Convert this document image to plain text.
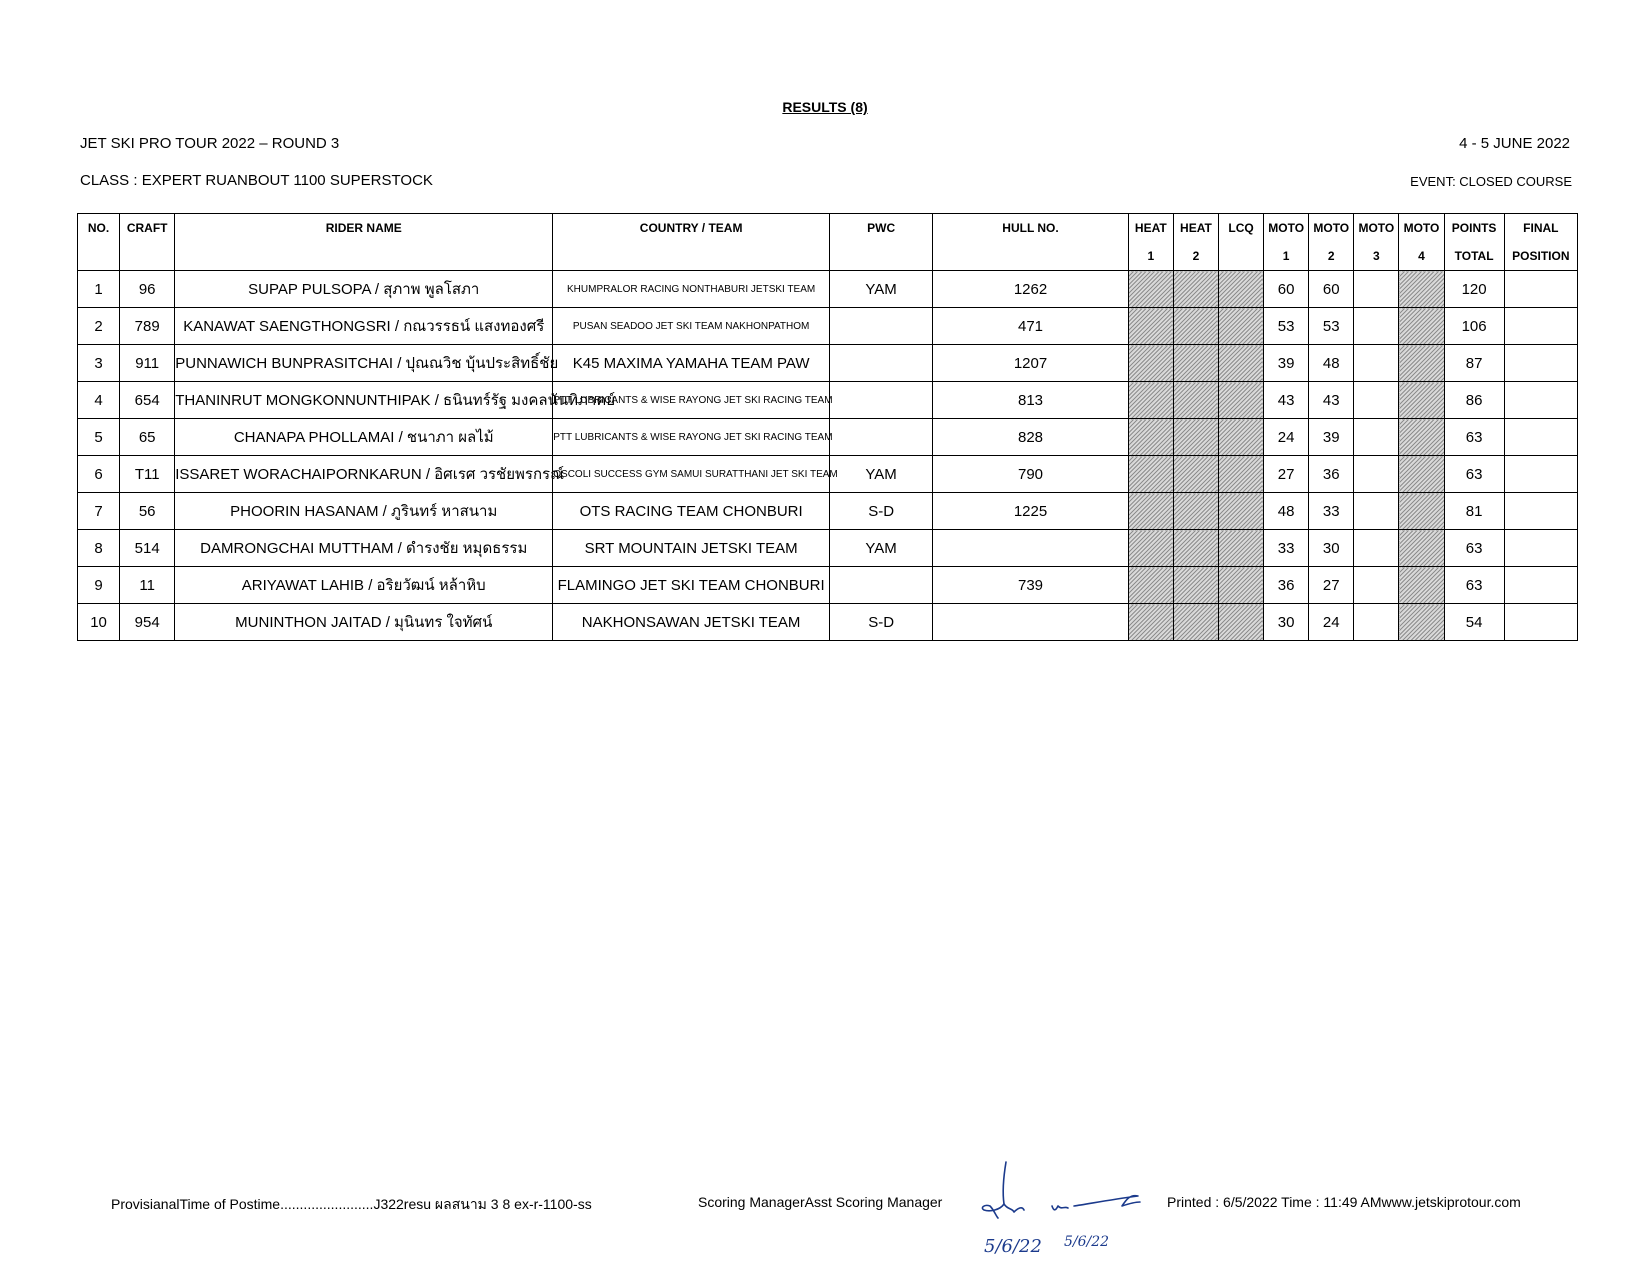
RESULTS (8)
JET SKI PRO TOUR 2022 – ROUND 3	4 - 5 JUNE 2022
CLASS : EXPERT RUANBOUT 1100 SUPERSTOCK	EVENT: CLOSED COURSE
NO.	CRAFT	RIDER NAME	COUNTRY / TEAM	PWC	HULL NO.	HEAT	HEAT	LCQ	MOTO	MOTO	MOTO	MOTO	POINTS	FINAL
						1	2		1	2	3	4	TOTAL	POSITION
1	96	SUPAP PULSOPA / สุภาพ พูลโสภา	KHUMPRALOR RACING NONTHABURI JETSKI TEAM	YAM	1262				60	60			120	
2	789	KANAWAT SAENGTHONGSRI / กณวรรธน์ แสงทองศรี	PUSAN SEADOO JET SKI TEAM NAKHONPATHOM		471				53	53			106	
3	911	PUNNAWICH BUNPRASITCHAI / ปุณณวิช บุ้นประสิทธิ์ชัย	K45 MAXIMA YAMAHA TEAM PAW		1207				39	48			87	
4	654	THANINRUT MONGKONNUNTHIPAK / ธนินทร์รัฐ มงคลนันทิภาคย์	PTT LUBRICANTS & WISE RAYONG JET SKI RACING TEAM		813				43	43			86	
5	65	CHANAPA PHOLLAMAI / ชนาภา ผลไม้	PTT LUBRICANTS & WISE RAYONG JET SKI RACING TEAM		828				24	39			63	
6	T11	ISSARET WORACHAIPORNKARUN / อิศเรศ วรชัยพรกรณ์	OSCOLI SUCCESS GYM SAMUI SURATTHANI JET SKI TEAM	YAM	790				27	36			63	
7	56	PHOORIN HASANAM / ภูรินทร์ หาสนาม	OTS RACING TEAM CHONBURI	S-D	1225				48	33			81	
8	514	DAMRONGCHAI MUTTHAM / ดำรงชัย หมุดธรรม	SRT MOUNTAIN JETSKI TEAM	YAM					33	30			63	
9	11	ARIYAWAT LAHIB / อริยวัฒน์ หล้าหิบ	FLAMINGO JET SKI TEAM CHONBURI		739				36	27			63	
10	954	MUNINTHON JAITAD / มุนินทร ใจทัศน์	NAKHONSAWAN JETSKI TEAM	S-D					30	24			54	
ProvisianalTime of Postime........................J322resu ผลสนาม 3 8 ex-r-1100-ss	Scoring ManagerAsst Scoring Manager	Printed : 6/5/2022 Time : 11:49 AMwww.jetskiprotour.com
5/6/22 5/6/22
